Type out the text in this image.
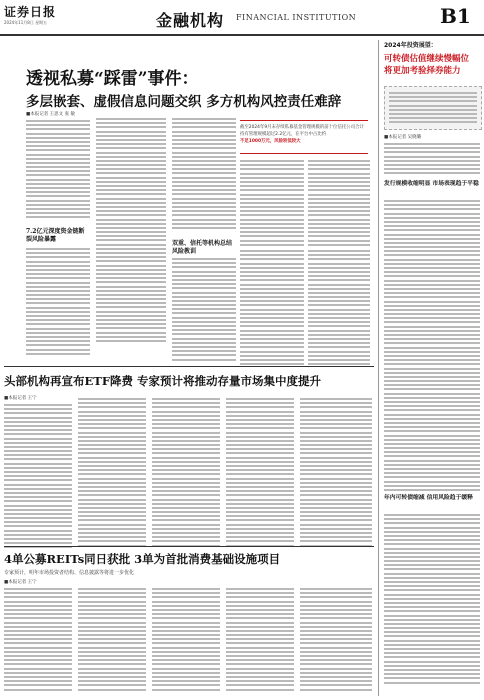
证券日报
2024年11月8日 星期五	金融机构 FINANCIAL INSTITUTION	B1
透视私募“踩雷”事件：
多层嵌套、虚假信息问题交织 多方机构风控责任难辞
■本报记者 王思文 张 敏
7.2亿元深度资金链断裂风险暴露
双重、信托等机构总结风险教训
截至2024年9月末存续私募基金管理规模的前十位信托公司合计
持有管理规模超过2.2亿元，在平台中占比约
不足1000万元，风险较低较大
头部机构再宣布ETF降费 专家预计将推动存量市场集中度提升
■本报记者 王宁
4单公募REITs同日获批 3单为首批消费基础设施项目
专家预计，明年市场投资者结构、信息披露等将进一步优化
■本报记者 王宁
2024年投资展望：
可转债估值继续慢幅位
将更加考验择券能力
■本报记者 吴晓璐
发行规模收缩明显 市场表现趋于平稳
年内可转债缩减 信用风险趋于缓释
